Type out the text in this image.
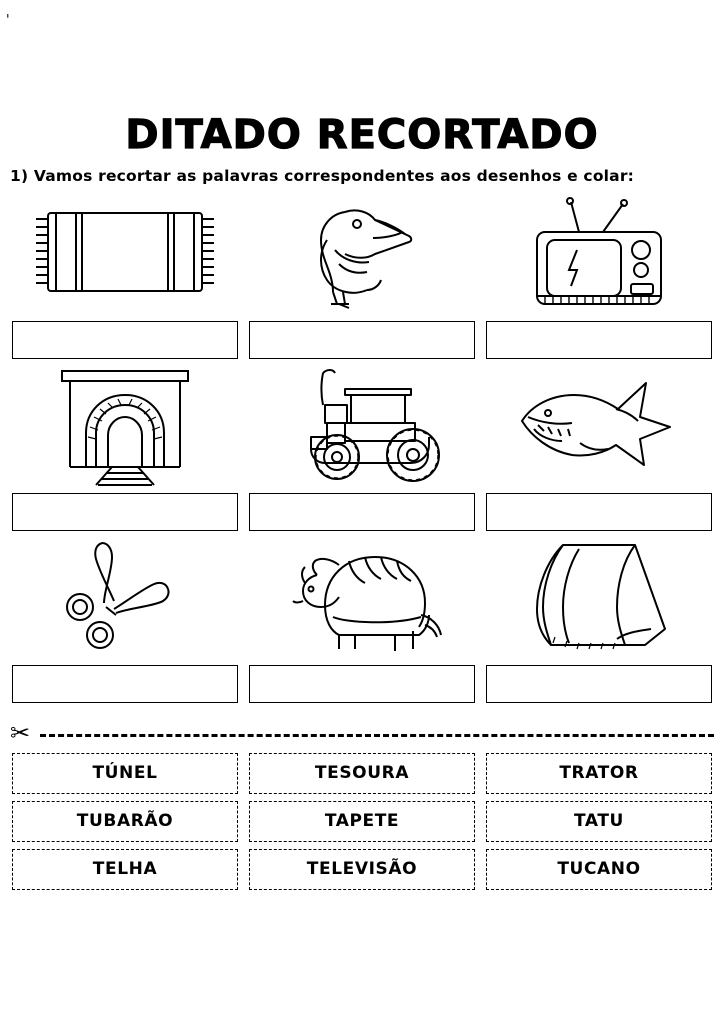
'
DITADO RECORTADO
1) Vamos recortar as palavras correspondentes aos desenhos e colar:
✂
TÚNEL	TESOURA	TRATOR
TUBARÃO	TAPETE	TATU
TELHA	TELEVISÃO	TUCANO
